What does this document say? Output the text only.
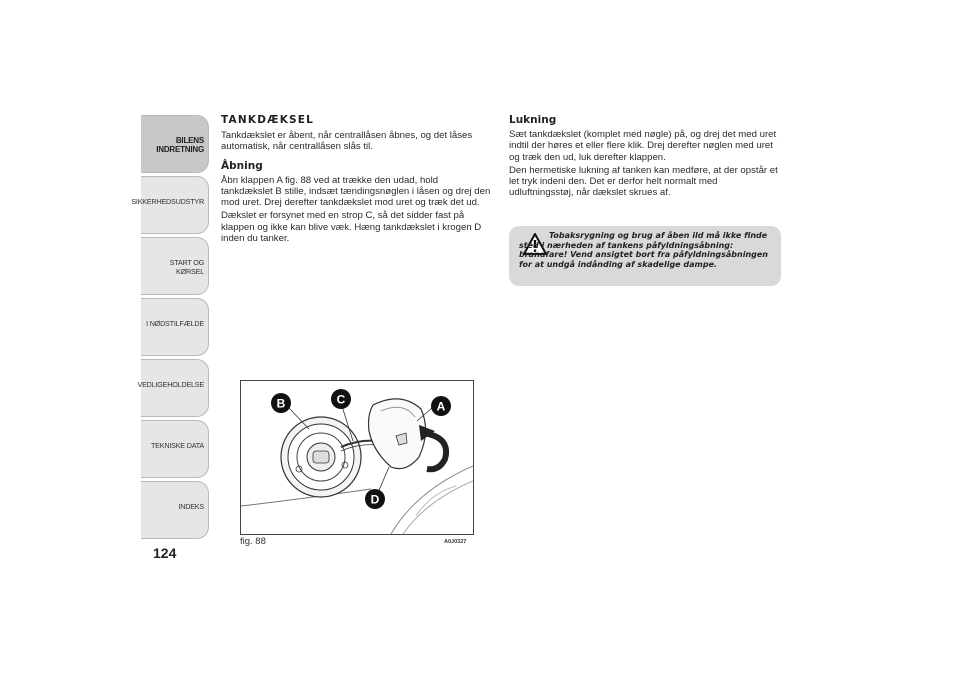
BILENS INDRETNING
SIKKERHEDSUDSTYR
START OG KØRSEL
I NØDSTILFÆLDE
VEDLIGEHOLDELSE
TEKNISKE DATA
INDEKS
124
TANKDÆKSEL

Tankdækslet er åbent, når centrallåsen åbnes, og det låses automatisk, når centrallåsen slås til.

Åbning

Åbn klappen A fig. 88 ved at trække den udad, hold tankdækslet B stille, indsæt tændingsnøglen i låsen og drej den mod uret. Drej derefter tankdækslet mod uret og træk det ud.

Dækslet er forsynet med en strop C, så det sidder fast på klappen og ikke kan blive væk. Hæng tankdækslet i krogen D inden du tanker.

Lukning

Sæt tankdækslet (komplet med nøgle) på, og drej det med uret indtil der høres et eller flere klik. Drej derefter nøglen med uret og træk den ud, luk derefter klappen.

Den hermetiske lukning af tanken kan medføre, at der opstår et let tryk indeni den. Det er derfor helt normalt med udluftningsstøj, når dækslet skrues af.

Tobaksrygning og brug af åben ild må ikke finde sted i nærheden af tankens påfyldningsåbning: brandfare! Vend ansigtet bort fra påfyldningsåbningen for at undgå indånding af skadelige dampe.
B	C	A
D
fig. 88	A0J0327
